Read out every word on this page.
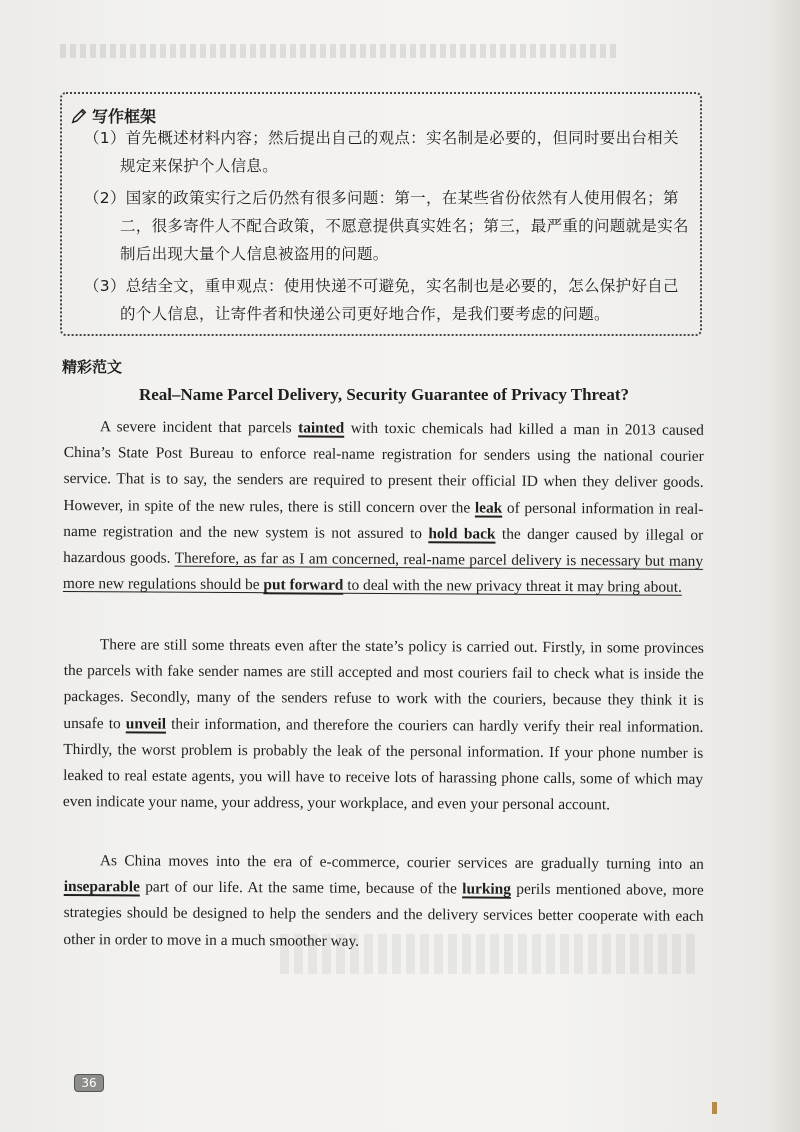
写作框架
（1）首先概述材料内容；然后提出自己的观点：实名制是必要的，但同时要出台相关规定来保护个人信息。
（2）国家的政策实行之后仍然有很多问题：第一，在某些省份依然有人使用假名；第二，很多寄件人不配合政策，不愿意提供真实姓名；第三，最严重的问题就是实名制后出现大量个人信息被盗用的问题。
（3）总结全文，重申观点：使用快递不可避免，实名制也是必要的，怎么保护好自己的个人信息，让寄件者和快递公司更好地合作，是我们要考虑的问题。
精彩范文
Real–Name Parcel Delivery, Security Guarantee of Privacy Threat?

A severe incident that parcels tainted with toxic chemicals had killed a man in 2013 caused China’s State Post Bureau to enforce real-name registration for senders using the national courier service. That is to say, the senders are required to present their official ID when they deliver goods. However, in spite of the new rules, there is still concern over the leak of personal information in real-name registration and the new system is not assured to hold back the danger caused by illegal or hazardous goods. Therefore, as far as I am concerned, real-name parcel delivery is necessary but many more new regulations should be put forward to deal with the new privacy threat it may bring about.

There are still some threats even after the state’s policy is carried out. Firstly, in some provinces the parcels with fake sender names are still accepted and most couriers fail to check what is inside the packages. Secondly, many of the senders refuse to work with the couriers, because they think it is unsafe to unveil their information, and therefore the couriers can hardly verify their real information. Thirdly, the worst problem is probably the leak of the personal information. If your phone number is leaked to real estate agents, you will have to receive lots of harassing phone calls, some of which may even indicate your name, your address, your workplace, and even your personal account.

As China moves into the era of e-commerce, courier services are gradually turning into an inseparable part of our life. At the same time, because of the lurking perils mentioned above, more strategies should be designed to help the senders and the delivery services better cooperate with each other in order to move in a much smoother way.

36
